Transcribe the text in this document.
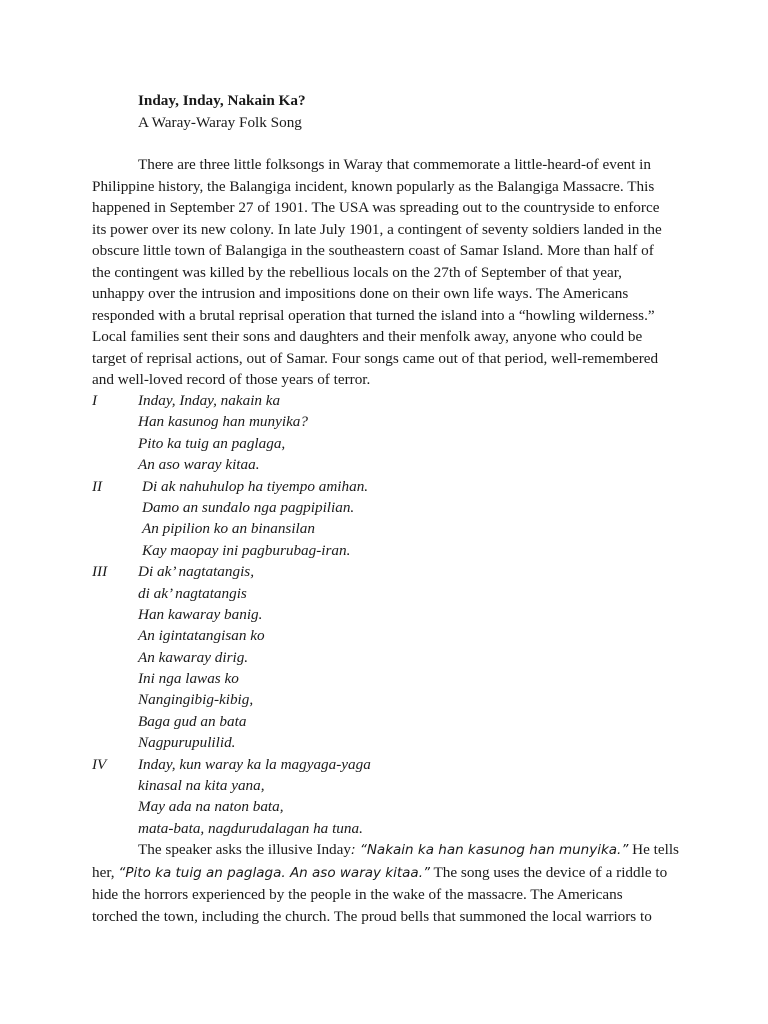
Inday, Inday, Nakain Ka?
A Waray-Waray Folk Song

There are three little folksongs in Waray that commemorate a little-heard-of event in
Philippine history, the Balangiga incident, known popularly as the Balangiga Massacre. This
happened in September 27 of 1901. The USA was spreading out to the countryside to enforce
its power over its new colony. In late July 1901, a contingent of seventy soldiers landed in the
obscure little town of Balangiga in the southeastern coast of Samar Island. More than half of
the contingent was killed by the rebellious locals on the 27th of September of that year,
unhappy over the intrusion and impositions done on their own life ways. The Americans
responded with a brutal reprisal operation that turned the island into a “howling wilderness.”
Local families sent their sons and daughters and their menfolk away, anyone who could be
target of reprisal actions, out of Samar. Four songs came out of that period, well-remembered
and well-loved record of those years of terror.

I	Inday, Inday, nakain ka
Han kasunog han munyika?
Pito ka tuig an paglaga,
An aso waray kitaa.
II	Di ak nahuhulop ha tiyempo amihan.
Damo an sundalo nga pagpipilian.
An pipilion ko an binansilan
Kay maopay ini pagburubag-iran.
III Di ak’ nagtatangis,
di ak’ nagtatangis
Han kawaray banig.
An igintatangisan ko
An kawaray dirig.
Ini nga lawas ko
Nangingibig-kibig,
Baga gud an bata
Nagpurupulilid.
IV Inday, kun waray ka la magyaga-yaga
kinasal na kita yana,
May ada na naton bata,
mata-bata, nagdurudalagan ha tuna.

The speaker asks the illusive Inday: “Nakain ka han kasunog han munyika.” He tells
her, “Pito ka tuig an paglaga. An aso waray kitaa.” The song uses the device of a riddle to
hide the horrors experienced by the people in the wake of the massacre. The Americans
torched the town, including the church. The proud bells that summoned the local warriors to
